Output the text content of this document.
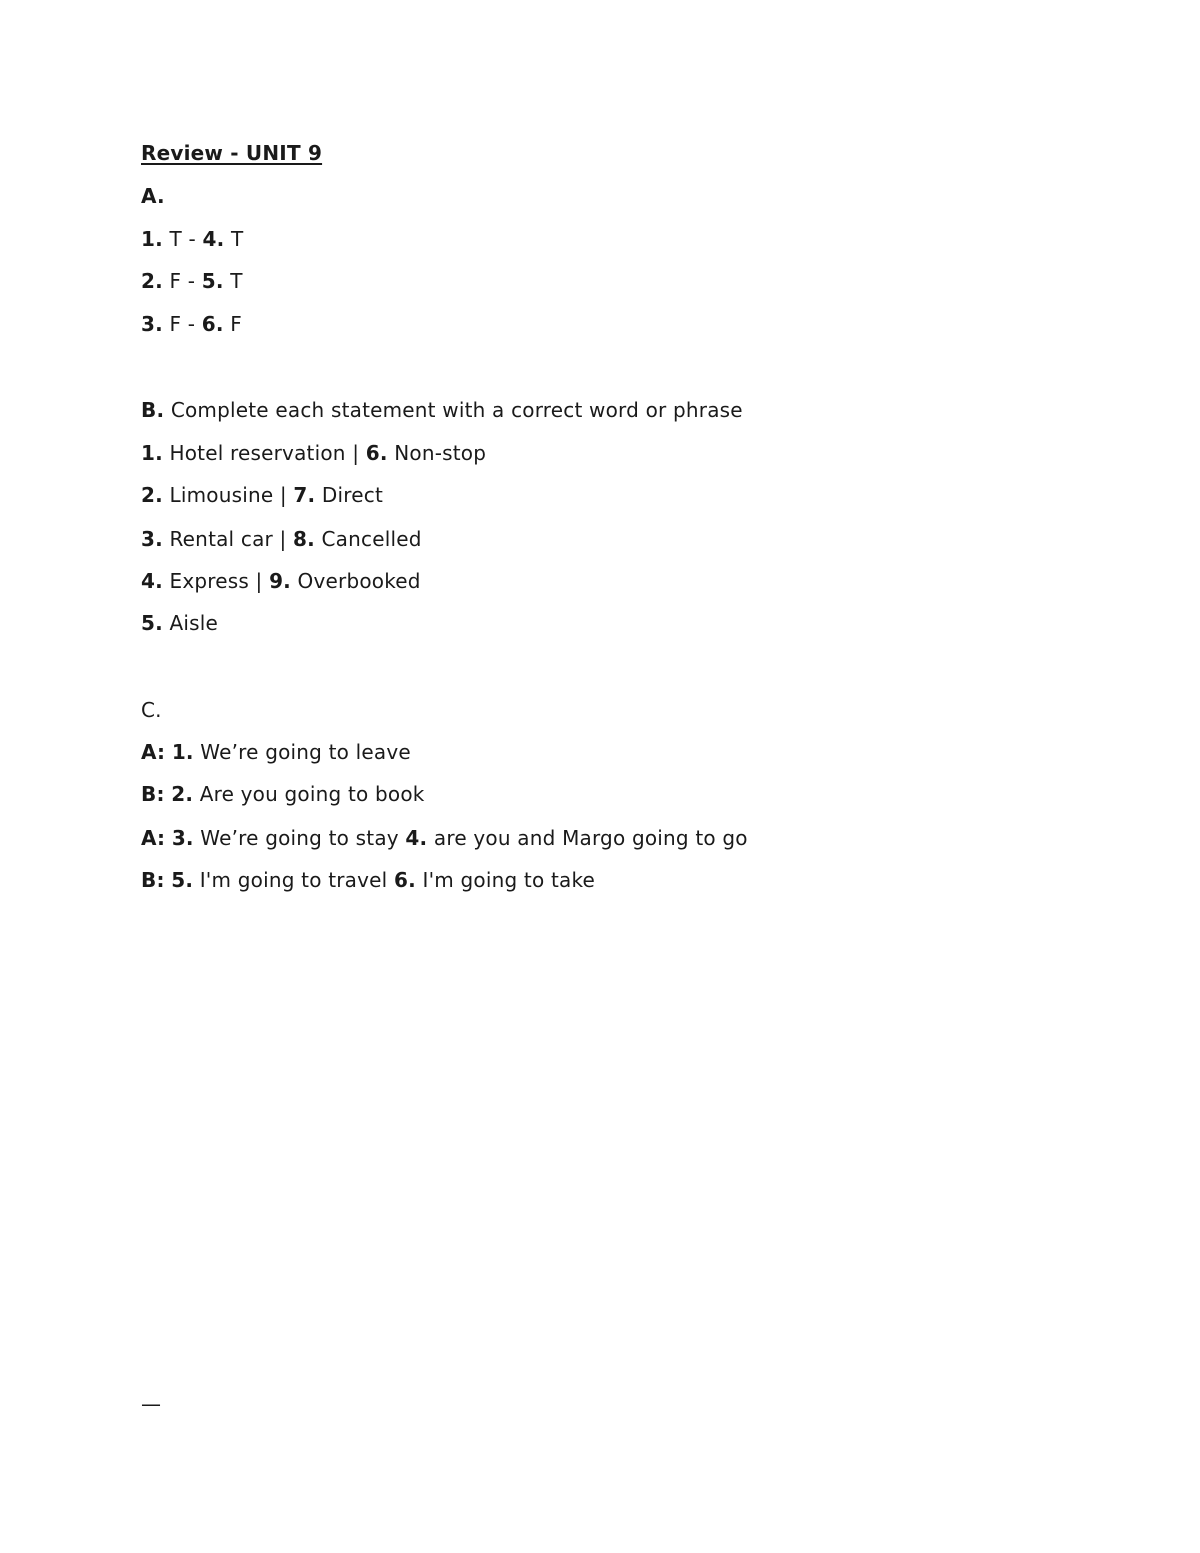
Review - UNIT 9
A.
1. T - 4. T
2. F - 5. T
3. F - 6. F
B. Complete each statement with a correct word or phrase
1. Hotel reservation | 6. Non-stop
2. Limousine | 7. Direct
3. Rental car | 8. Cancelled
4. Express | 9. Overbooked
5. Aisle
C.
A: 1. We’re going to leave
B: 2. Are you going to book
A: 3. We’re going to stay 4. are you and Margo going to go
B: 5. I'm going to travel 6. I'm going to take
—
